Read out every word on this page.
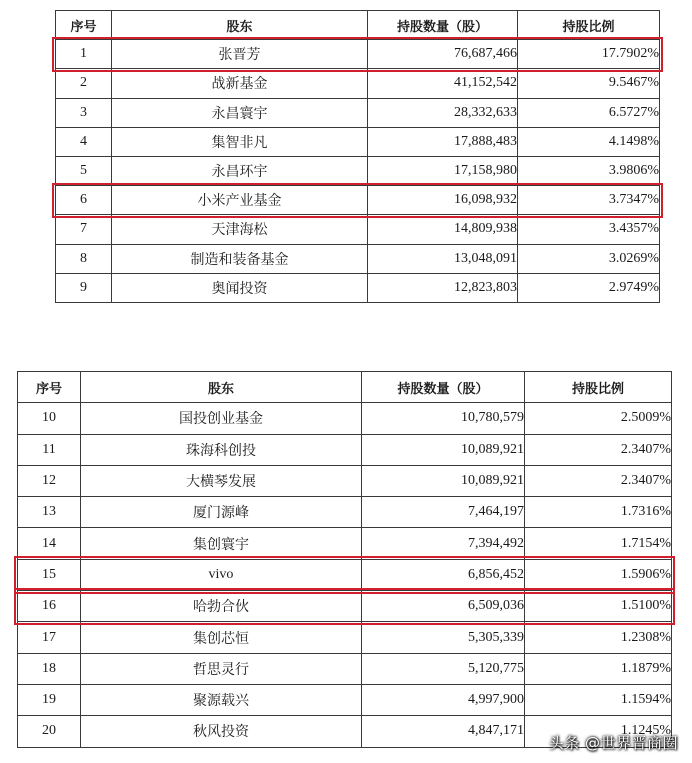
序号	股东	持股数量（股）	持股比例
1	张晋芳	76,687,466	17.7902%
2	战新基金	41,152,542	9.5467%
3	永昌寰宇	28,332,633	6.5727%
4	集智非凡	17,888,483	4.1498%
5	永昌环宇	17,158,980	3.9806%
6	小米产业基金	16,098,932	3.7347%
7	天津海松	14,809,938	3.4357%
8	制造和装备基金	13,048,091	3.0269%
9	奥闻投资	12,823,803	2.9749%
序号	股东	持股数量（股）	持股比例
10	国投创业基金	10,780,579	2.5009%
11	珠海科创投	10,089,921	2.3407%
12	大横琴发展	10,089,921	2.3407%
13	厦门源峰	7,464,197	1.7316%
14	集创寰宇	7,394,492	1.7154%
15	vivo	6,856,452	1.5906%
16	哈勃合伙	6,509,036	1.5100%
17	集创芯恒	5,305,339	1.2308%
18	哲思灵行	5,120,775	1.1879%
19	聚源载兴	4,997,900	1.1594%
20	秋风投资	4,847,171	1.1245%
头条 @世界晋商圈
